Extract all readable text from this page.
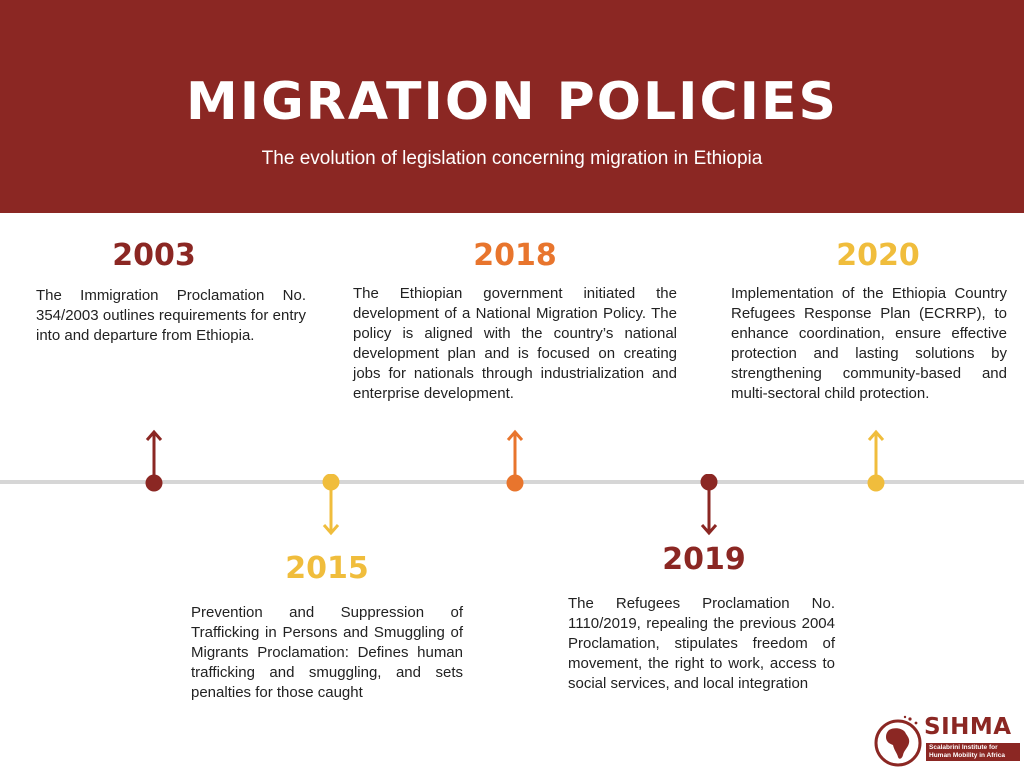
MIGRATION POLICIES
The evolution of legislation concerning migration in Ethiopia
2003
The Immigration Proclamation No. 354/2003 outlines requirements for entry into and departure from Ethiopia.
2015
Prevention and Suppression of Trafficking in Persons and Smuggling of Migrants Proclamation: Defines human trafficking and smuggling, and sets penalties for those caught
2018
The Ethiopian government initiated the development of a National Migration Policy. The policy is aligned with the country’s national development plan and is focused on creating jobs for nationals through industrialization and enterprise development.
2019
The Refugees Proclamation No. 1110/2019, repealing the previous 2004 Proclamation, stipulates freedom of movement, the right to work, access to social services, and local integration
2020
Implementation of the Ethiopia Country Refugees Response Plan (ECRRP), to enhance coordination, ensure effective protection and lasting solutions by strengthening community-based and multi-sectoral child protection.
SIHMA
Scalabrini Institute for Human Mobility in Africa
